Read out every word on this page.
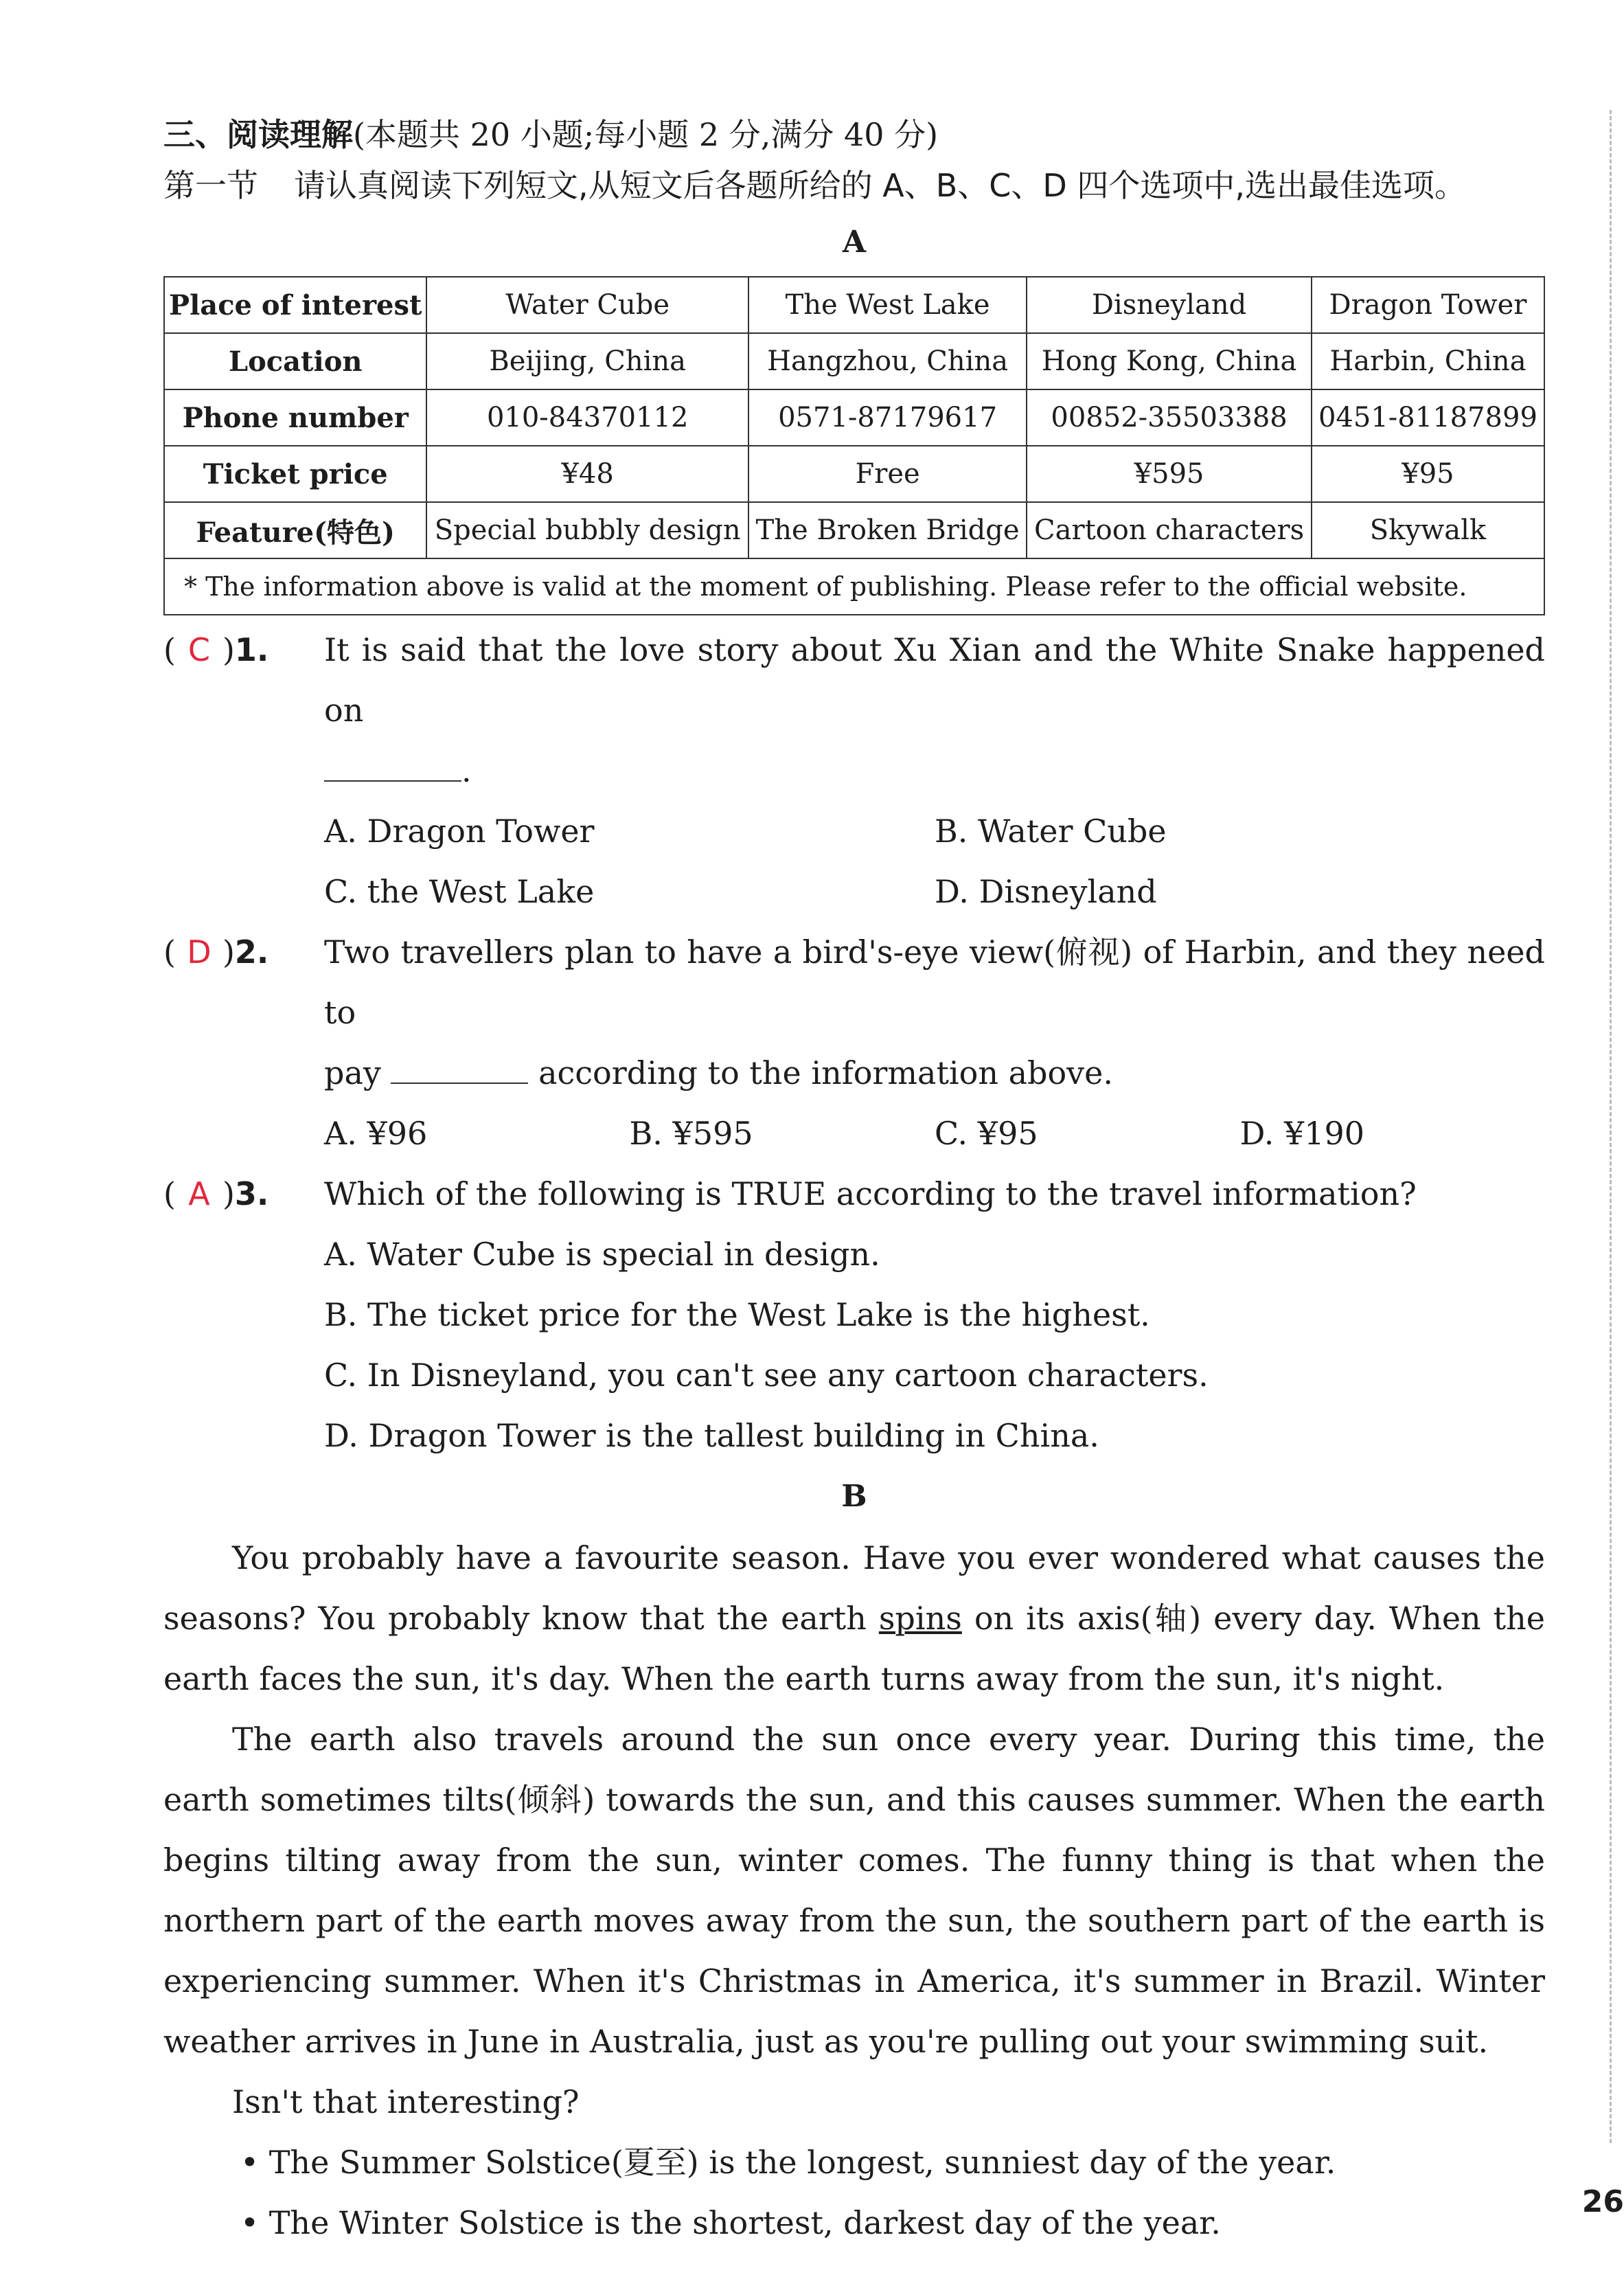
三、阅读理解(本题共 20 小题;每小题 2 分,满分 40 分)

第一节 请认真阅读下列短文,从短文后各题所给的 A、B、C、D 四个选项中,选出最佳选项。

A

Place of interest	Water Cube	The West Lake	Disneyland	Dragon Tower
Location	Beijing, China	Hangzhou, China	Hong Kong, China	Harbin, China
Phone number	010-84370112	0571-87179617	00852-35503388	0451-81187899
Ticket price	¥48	Free	¥595	¥95
Feature(特色)	Special bubbly design	The Broken Bridge	Cartoon characters	Skywalk
* The information above is valid at the moment of publishing. Please refer to the official website.				
( C )1. It is said that the love story about Xu Xian and the White Snake happened on
.
A. Dragon Tower	B. Water Cube
C. the West Lake	D. Disneyland
( D )2. Two travellers plan to have a bird's-eye view(俯视) of Harbin, and they need to
pay	according to the information above.
A. ¥96	B. ¥595	C. ¥95	D. ¥190
( A )3. Which of the following is TRUE according to the travel information?
A. Water Cube is special in design.
B. The ticket price for the West Lake is the highest.
C. In Disneyland, you can't see any cartoon characters.
D. Dragon Tower is the tallest building in China.

B

You probably have a favourite season. Have you ever wondered what causes the seasons? You probably know that the earth spins on its axis(轴) every day. When the earth faces the sun, it's day. When the earth turns away from the sun, it's night.

The earth also travels around the sun once every year. During this time, the earth sometimes tilts(倾斜) towards the sun, and this causes summer. When the earth begins tilting away from the sun, winter comes. The funny thing is that when the northern part of the earth moves away from the sun, the southern part of the earth is experiencing summer. When it's Christmas in America, it's summer in Brazil. Winter weather arrives in June in Australia, just as you're pulling out your swimming suit.

Isn't that interesting?

• The Summer Solstice(夏至) is the longest, sunniest day of the year.
• The Winter Solstice is the shortest, darkest day of the year.
26
